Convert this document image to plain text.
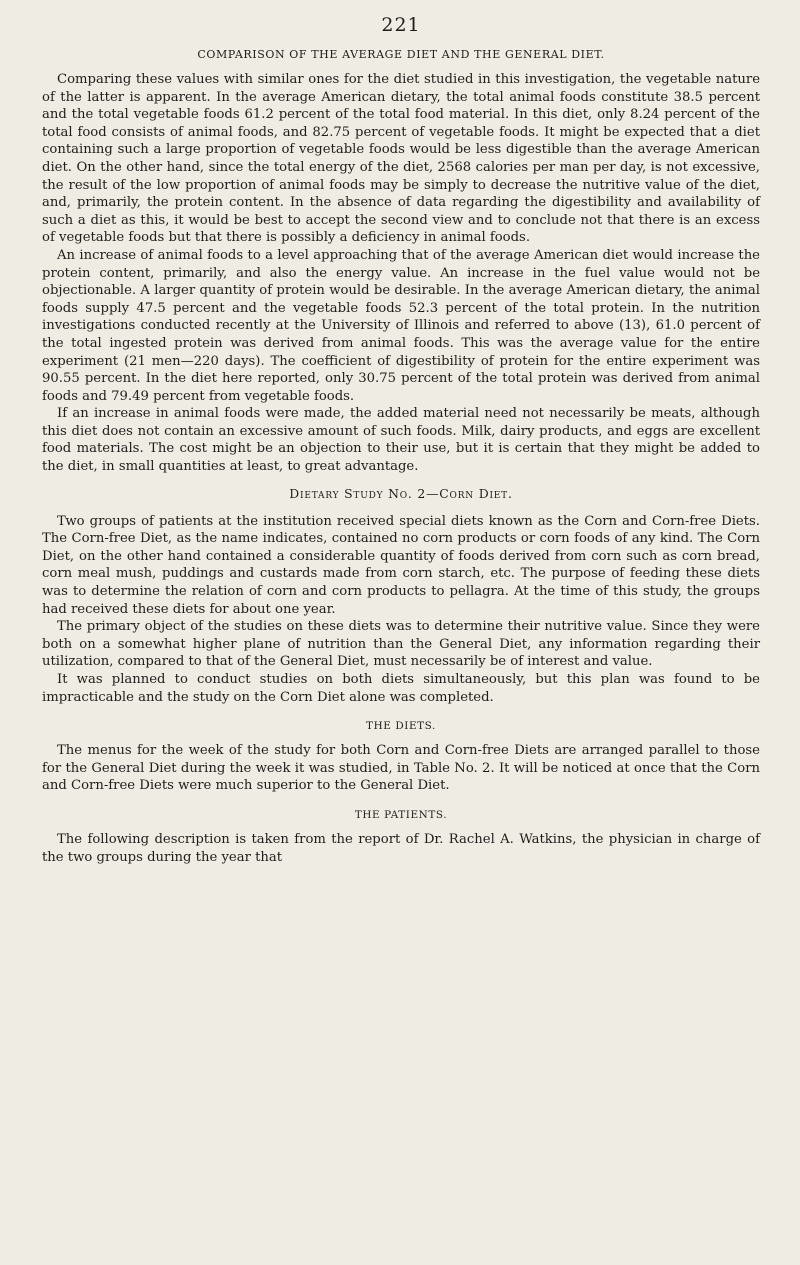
221
COMPARISON OF THE AVERAGE DIET AND THE GENERAL DIET.

Comparing these values with similar ones for the diet studied in this investigation, the vegetable nature of the latter is apparent. In the average American dietary, the total animal foods constitute 38.5 percent and the total vegetable foods 61.2 percent of the total food material. In this diet, only 8.24 percent of the total food consists of animal foods, and 82.75 percent of vegetable foods. It might be expected that a diet containing such a large proportion of vegetable foods would be less digestible than the average American diet. On the other hand, since the total energy of the diet, 2568 calories per man per day, is not excessive, the result of the low proportion of animal foods may be simply to decrease the nutritive value of the diet, and, primarily, the protein content. In the absence of data regarding the digestibility and availability of such a diet as this, it would be best to accept the second view and to conclude not that there is an excess of vegetable foods but that there is possibly a deficiency in animal foods.

An increase of animal foods to a level approaching that of the average American diet would increase the protein content, primarily, and also the energy value. An increase in the fuel value would not be objectionable. A larger quantity of protein would be desirable. In the average American dietary, the animal foods supply 47.5 percent and the vegetable foods 52.3 percent of the total protein. In the nutrition investigations conducted recently at the University of Illinois and referred to above (13), 61.0 percent of the total ingested protein was derived from animal foods. This was the average value for the entire experiment (21 men—220 days). The coefficient of digestibility of protein for the entire experiment was 90.55 percent. In the diet here reported, only 30.75 percent of the total protein was derived from animal foods and 79.49 percent from vegetable foods.

If an increase in animal foods were made, the added material need not necessarily be meats, although this diet does not contain an excessive amount of such foods. Milk, dairy products, and eggs are excellent food materials. The cost might be an objection to their use, but it is certain that they might be added to the diet, in small quantities at least, to great advantage.

Dietary Study No. 2—Corn Diet.

Two groups of patients at the institution received special diets known as the Corn and Corn-free Diets. The Corn-free Diet, as the name indicates, contained no corn products or corn foods of any kind. The Corn Diet, on the other hand contained a considerable quantity of foods derived from corn such as corn bread, corn meal mush, puddings and custards made from corn starch, etc. The purpose of feeding these diets was to determine the relation of corn and corn products to pellagra. At the time of this study, the groups had received these diets for about one year.

The primary object of the studies on these diets was to determine their nutritive value. Since they were both on a somewhat higher plane of nutrition than the General Diet, any information regarding their utilization, compared to that of the General Diet, must necessarily be of interest and value.

It was planned to conduct studies on both diets simultaneously, but this plan was found to be impracticable and the study on the Corn Diet alone was completed.

THE DIETS.

The menus for the week of the study for both Corn and Corn-free Diets are arranged parallel to those for the General Diet during the week it was studied, in Table No. 2. It will be noticed at once that the Corn and Corn-free Diets were much superior to the General Diet.

THE PATIENTS.

The following description is taken from the report of Dr. Rachel A. Watkins, the physician in charge of the two groups during the year that
